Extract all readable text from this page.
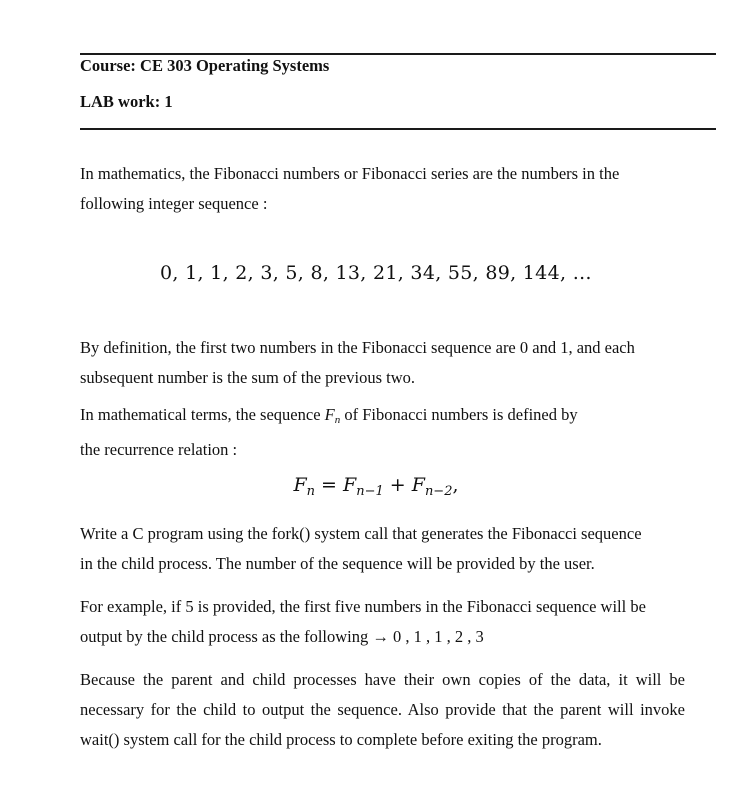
Course: CE 303 Operating Systems
LAB work: 1

In mathematics, the Fibonacci numbers or Fibonacci series are the numbers in the
following integer sequence :

0, 1, 1, 2, 3, 5, 8, 13, 21, 34, 55, 89, 144, …

By definition, the first two numbers in the Fibonacci sequence are 0 and 1, and each
subsequent number is the sum of the previous two.

In mathematical terms, the sequence $F_n$ of Fibonacci numbers is defined by
the recurrence relation :

$F_n = F_{n-1} + F_{n-2}$,

Write a C program using the fork() system call that generates the Fibonacci sequence
in the child process. The number of the sequence will be provided by the user.

For example, if 5 is provided, the first five numbers in the Fibonacci sequence will be
output by the child process as the following → 0 , 1 , 1 , 2 , 3

Because the parent and child processes have their own copies of the data, it will be necessary for the child to output the sequence. Also provide that the parent will invoke wait() system call for the child process to complete before exiting the program.
